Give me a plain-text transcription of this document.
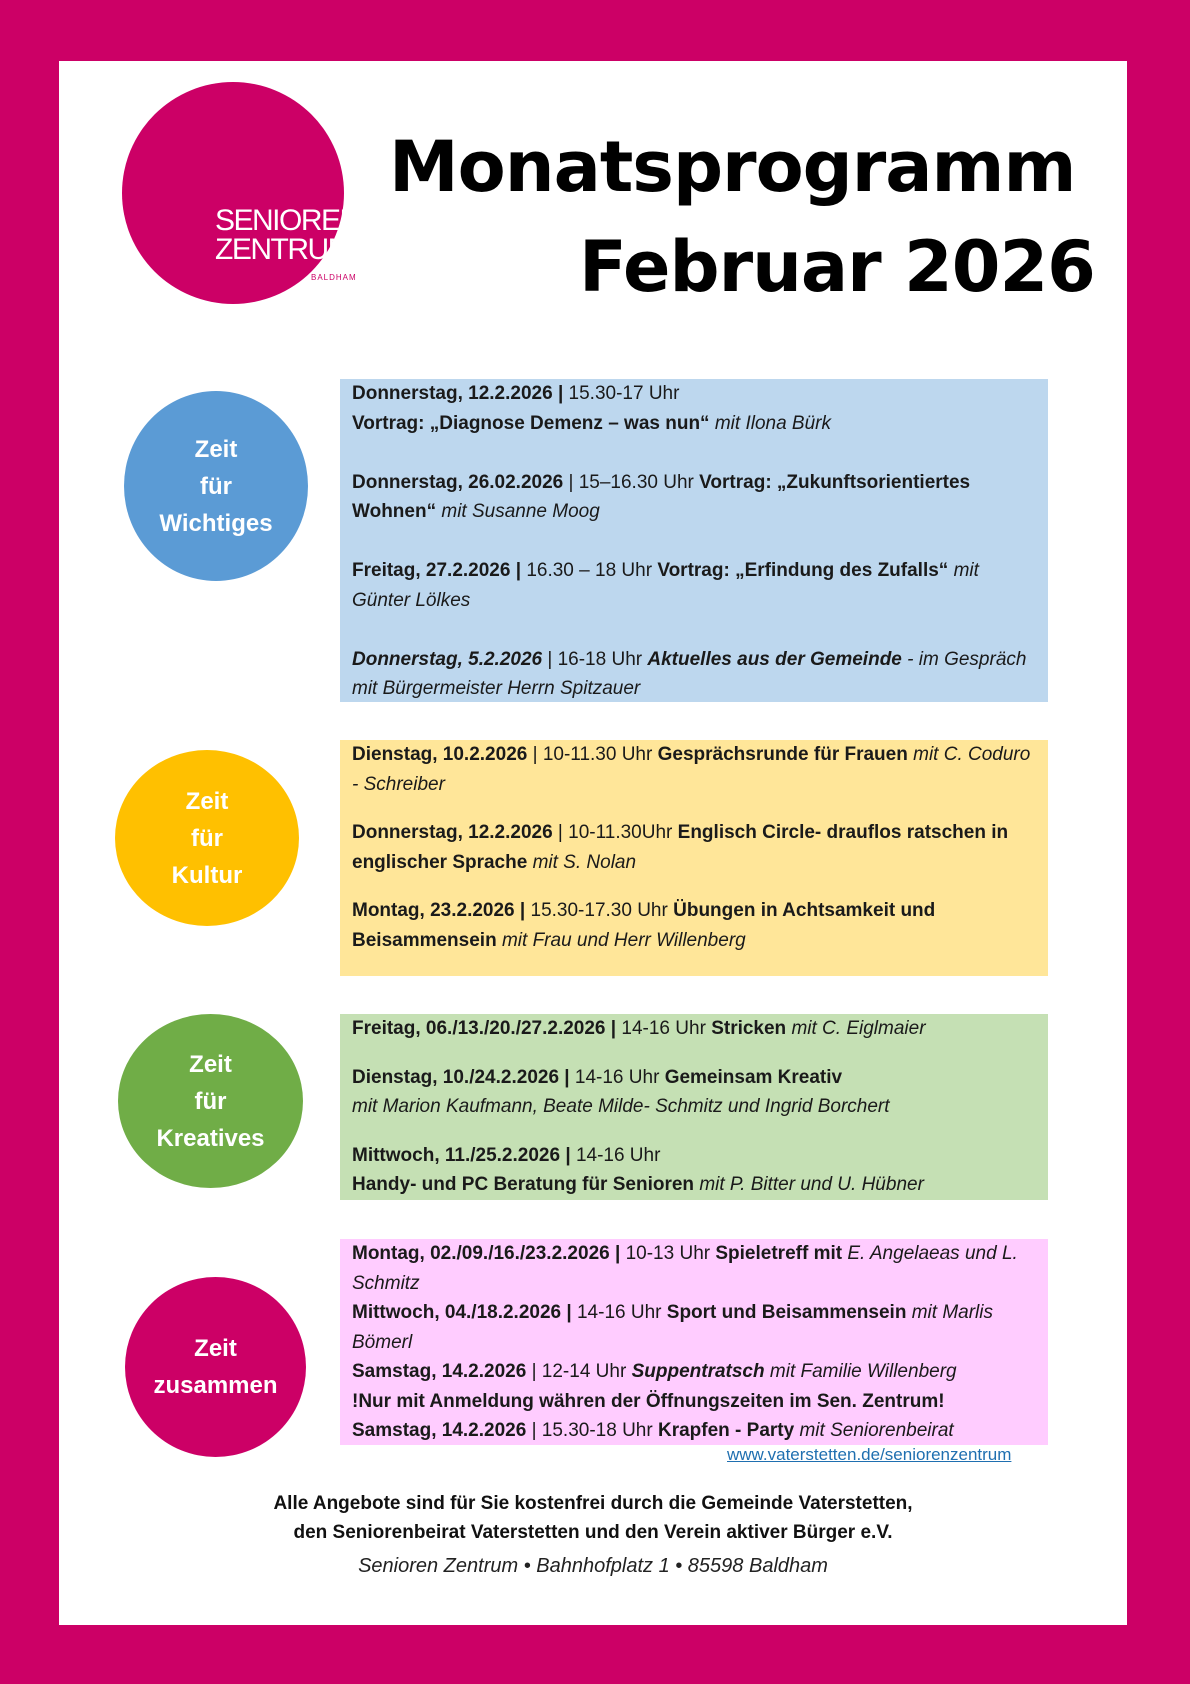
SENIOREN
ZENTRUM
BALDHAM
Monatsprogramm
Februar 2026
Zeit
für
Wichtiges

Donnerstag, 12.2.2026 | 15.30-17 Uhr
Vortrag: „Diagnose Demenz – was nun“ mit Ilona Bürk

Donnerstag, 26.02.2026 | 15–16.30 Uhr Vortrag: „Zukunftsorientiertes Wohnen“ mit Susanne Moog

Freitag, 27.2.2026 | 16.30 – 18 Uhr Vortrag: „Erfindung des Zufalls“ mit Günter Lölkes

Donnerstag, 5.2.2026 | 16-18 Uhr Aktuelles aus der Gemeinde - im Gespräch mit Bürgermeister Herrn Spitzauer

Zeit
für
Kultur

Dienstag, 10.2.2026 | 10-11.30 Uhr Gesprächsrunde für Frauen mit C. Coduro - Schreiber

Donnerstag, 12.2.2026 | 10-11.30Uhr Englisch Circle- drauflos ratschen in englischer Sprache mit S. Nolan

Montag, 23.2.2026 | 15.30-17.30 Uhr Übungen in Achtsamkeit und Beisammensein mit Frau und Herr Willenberg

Zeit
für
Kreatives

Freitag, 06./13./20./27.2.2026 | 14-16 Uhr Stricken mit C. Eiglmaier

Dienstag, 10./24.2.2026 | 14-16 Uhr Gemeinsam Kreativ
mit Marion Kaufmann, Beate Milde- Schmitz und Ingrid Borchert

Mittwoch, 11./25.2.2026 | 14-16 Uhr
Handy- und PC Beratung für Senioren mit P. Bitter und U. Hübner

Zeit
zusammen

Montag, 02./09./16./23.2.2026 | 10-13 Uhr Spieletreff mit E. Angelaeas und L. Schmitz

Mittwoch, 04./18.2.2026 | 14-16 Uhr Sport und Beisammensein mit Marlis Bömerl

Samstag, 14.2.2026 | 12-14 Uhr Suppentratsch mit Familie Willenberg
!Nur mit Anmeldung währen der Öffnungszeiten im Sen. Zentrum!

Samstag, 14.2.2026 | 15.30-18 Uhr Krapfen - Party mit Seniorenbeirat

www.vaterstetten.de/seniorenzentrum
Alle Angebote sind für Sie kostenfrei durch die Gemeinde Vaterstetten,
den Seniorenbeirat Vaterstetten und den Verein aktiver Bürger e.V.
Senioren Zentrum • Bahnhofplatz 1 • 85598 Baldham
